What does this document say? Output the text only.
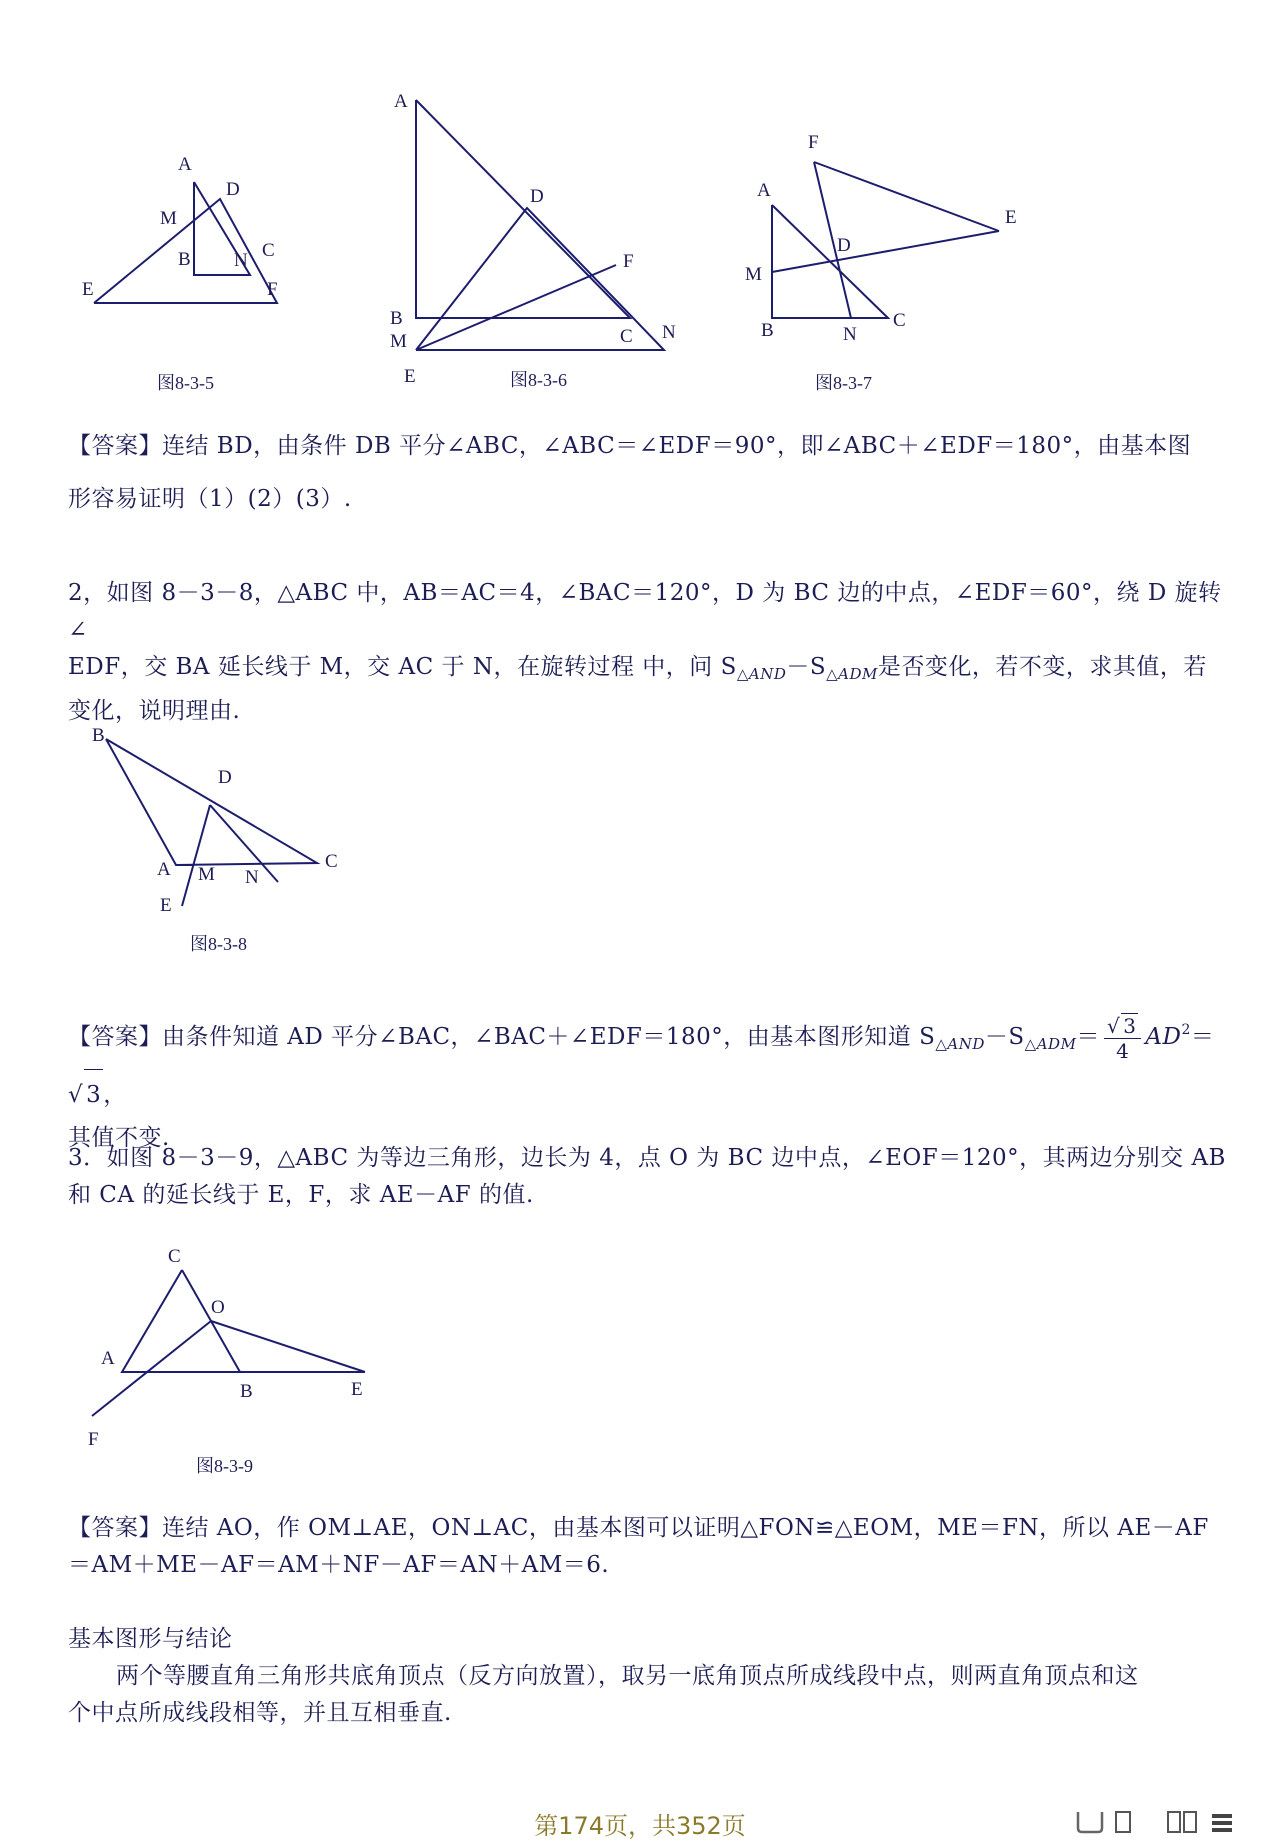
A
D
M
B N C
E	F
图8-3-5
A
D
F
B
M	C N
E	图8-3-6
F
A
E
D
M
B	N
C
图8-3-7
【答案】连结 BD，由条件 DB 平分∠ABC，∠ABC＝∠EDF＝90°，即∠ABC＋∠EDF＝180°，由基本图
形容易证明（1）(2）(3）.
2，如图 8－3－8，△ABC 中，AB＝AC＝4，∠BAC＝120°，D 为 BC 边的中点，∠EDF＝60°，绕 D 旋转∠
EDF，交 BA 延长线于 M，交 AC 于 N，在旋转过程 中，问 $S_{\triangle AND}-S_{\triangle ADM}$是否变化，若不变，求其值，若
变化，说明理由.
B
D
C
A M N
E
图8-3-8
【答案】由条件知道 AD 平分∠BAC，∠BAC＋∠EDF＝180°，由基本图形知道 $S_{\triangle AND}-S_{\triangle ADM}= \frac{√ 3}{4} AD^2=√$ 3，
其值不变.
3．如图 8－3－9，△ABC 为等边三角形，边长为 4，点 O 为 BC 边中点，∠EOF＝120°，其两边分别交 AB
和 CA 的延长线于 E，F，求 AE－AF 的值.
C
O
A
B	E
F
图8-3-9
【答案】连结 AO，作 OM⊥AE，ON⊥AC，由基本图可以证明△FON≌△EOM，ME＝FN，所以 AE－AF
＝AM＋ME－AF＝AM＋NF－AF＝AN＋AM＝6.
基本图形与结论
两个等腰直角三角形共底角顶点（反方向放置），取另一底角顶点所成线段中点，则两直角顶点和这
个中点所成线段相等，并且互相垂直.
第174页，共352页
